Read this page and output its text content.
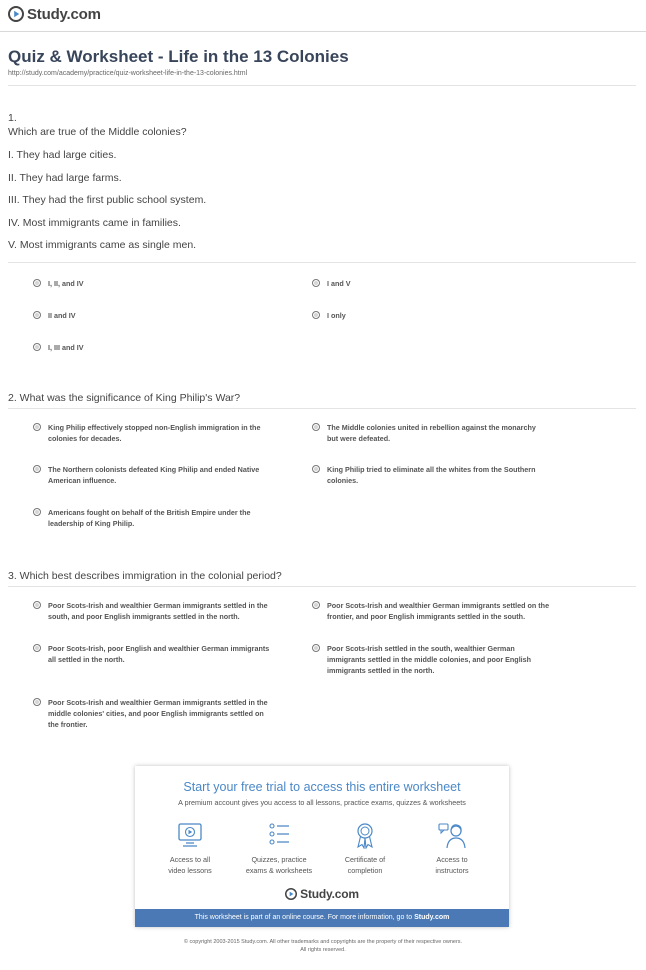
Study.com
Quiz & Worksheet - Life in the 13 Colonies
http://study.com/academy/practice/quiz-worksheet-life-in-the-13-colonies.html
1.
Which are true of the Middle colonies?
I. They had large cities.
II. They had large farms.
III. They had the first public school system.
IV. Most immigrants came in families.
V. Most immigrants came as single men.
I, II, and IV	I and V
II and IV	I only
I, III and IV
2. What was the significance of King Philip's War?
King Philip effectively stopped non-English immigration in the
colonies for decades.
The Middle colonies united in rebellion against the monarchy
but were defeated.
The Northern colonists defeated King Philip and ended Native
American influence.
King Philip tried to eliminate all the whites from the Southern
colonies.
Americans fought on behalf of the British Empire under the
leadership of King Philip.
3. Which best describes immigration in the colonial period?
Poor Scots-Irish and wealthier German immigrants settled in the
south, and poor English immigrants settled in the north.
Poor Scots-Irish and wealthier German immigrants settled on the
frontier, and poor English immigrants settled in the south.
Poor Scots-Irish, poor English and wealthier German immigrants
all settled in the north.
Poor Scots-Irish settled in the south, wealthier German
immigrants settled in the middle colonies, and poor English
immigrants settled in the north.
Poor Scots-Irish and wealthier German immigrants settled in the
middle colonies' cities, and poor English immigrants settled on
the frontier.
Start your free trial to access this entire worksheet
A premium account gives you access to all lessons, practice exams, quizzes & worksheets
Access to all
video lessons
Quizzes, practice
exams & worksheets
Certificate of
completion
Access to
instructors
Study.com
This worksheet is part of an online course. For more information, go to Study.com
© copyright 2003-2015 Study.com. All other trademarks and copyrights are the property of their respective owners.
All rights reserved.
